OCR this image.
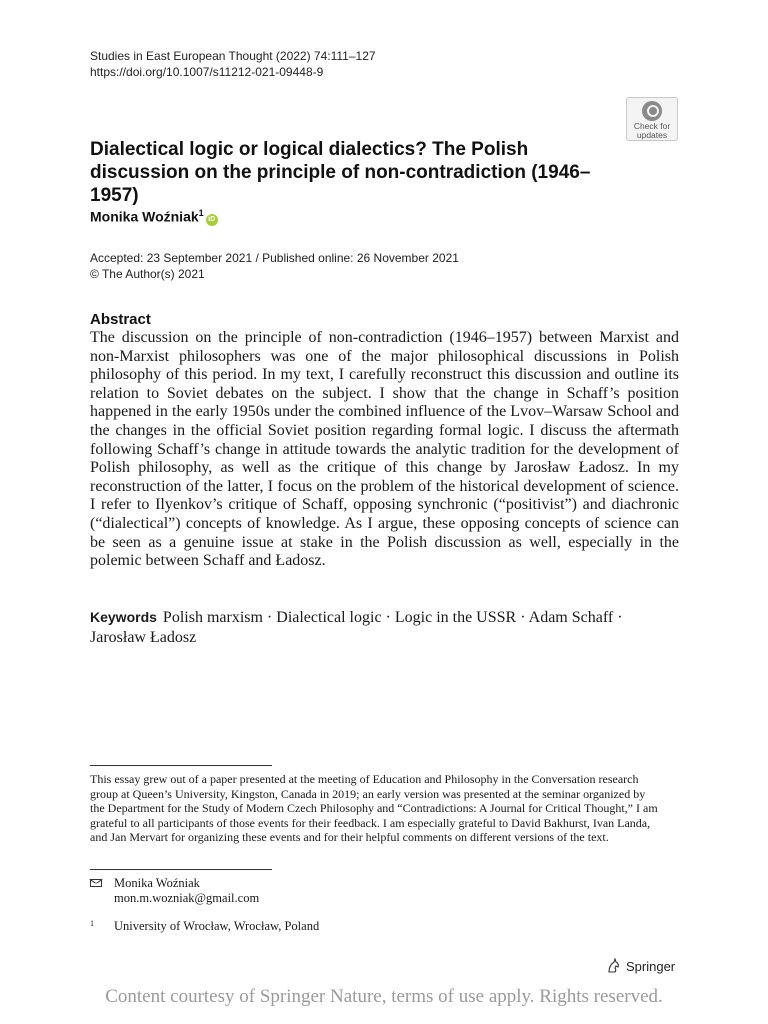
Studies in East European Thought (2022) 74:111–127
https://doi.org/10.1007/s11212-021-09448-9
Check for
updates
Dialectical logic or logical dialectics? The Polish discussion on the principle of non-contradiction (1946–1957)
Monika Woźniak$^1$iD
Accepted: 23 September 2021 / Published online: 26 November 2021
© The Author(s) 2021
Abstract

The discussion on the principle of non-contradiction (1946–1957) between Marxist and non-Marxist philosophers was one of the major philosophical discussions in Polish philosophy of this period. In my text, I carefully reconstruct this discussion and outline its relation to Soviet debates on the subject. I show that the change in Schaff’s position happened in the early 1950s under the combined influence of the Lvov–Warsaw School and the changes in the official Soviet position regarding formal logic. I discuss the aftermath following Schaff’s change in attitude towards the analytic tradition for the development of Polish philosophy, as well as the critique of this change by Jarosław Ładosz. In my reconstruction of the latter, I focus on the problem of the historical development of science. I refer to Ilyenkov’s critique of Schaff, opposing synchronic (“positivist”) and diachronic (“dialectical”) concepts of knowledge. As I argue, these opposing concepts of science can be seen as a genuine issue at stake in the Polish discussion as well, especially in the polemic between Schaff and Ładosz.

Keywords Polish marxism · Dialectical logic · Logic in the USSR · Adam Schaff · Jarosław Ładosz

This essay grew out of a paper presented at the meeting of Education and Philosophy in the Conversation research group at Queen’s University, Kingston, Canada in 2019; an early version was presented at the seminar organized by the Department for the Study of Modern Czech Philosophy and “Contradictions: A Journal for Critical Thought,” I am grateful to all participants of those events for their feedback. I am especially grateful to David Bakhurst, Ivan Landa, and Jan Mervart for organizing these events and for their helpful comments on different versions of the text.

Monika Woźniak
mon.m.wozniak@gmail.com
1 University of Wrocław, Wrocław, Poland
Springer
Content courtesy of Springer Nature, terms of use apply. Rights reserved.
